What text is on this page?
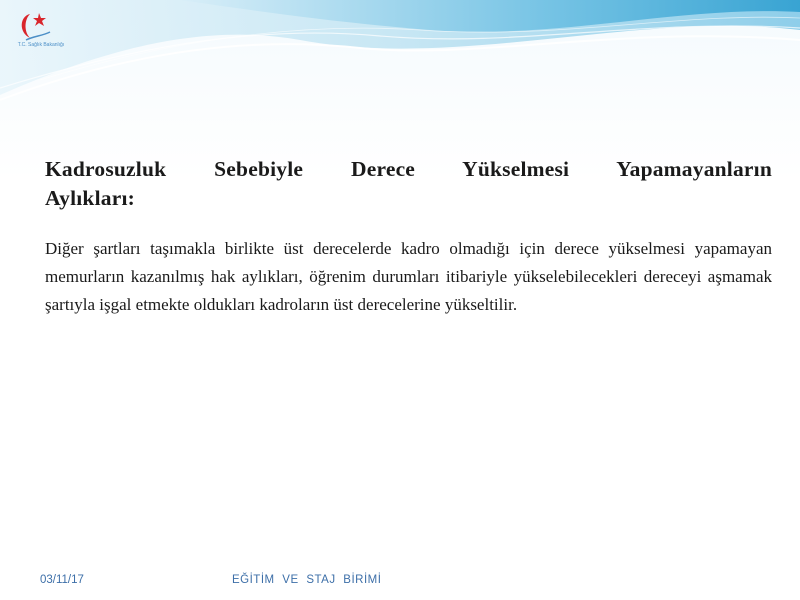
T.C. Sağlık Bakanlığı
Kadrosuzluk Sebebiyle Derece Yükselmesi Yapamayanların
Aylıkları:

Diğer şartları taşımakla birlikte üst derecelerde kadro olmadığı için derece yükselmesi yapamayan memurların kazanılmış hak aylıkları, öğrenim durumları itibariyle yükselebilecekleri dereceyi aşmamak şartıyla işgal etmekte oldukları kadroların üst derecelerine yükseltilir.

03/11/17	EĞİTİM VE STAJ BİRİMİ
